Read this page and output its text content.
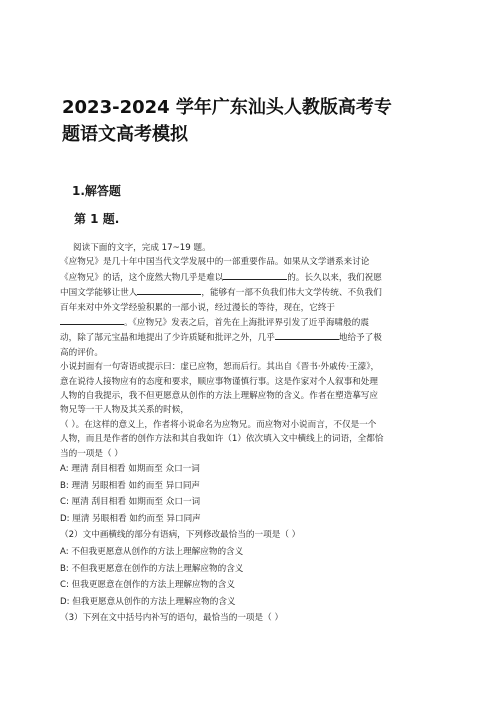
2023-2024 学年广东汕头人教版高考专
题语文高考模拟
1.解答题
第 1 题.

阅读下面的文字，完成 17~19 题。

《应物兄》是几十年中国当代文学发展中的一部重要作品。如果从文学谱系来讨论

《应物兄》的话，这个庞然大物几乎是难以	的。长久以来，我们祝愿

中国文学能够让世人	，能够有一部不负我们伟大文学传统、不负我们

百年来对中外文学经验积累的一部小说，经过漫长的等待，现在，它终于

。《应物兄》发表之后，首先在上海批评界引发了近乎海啸般的震

动，除了郜元宝晶和地提出了少许质疑和批评之外，几乎	地给予了极

高的评价。

小说封面有一句寄语或提示曰：虚已应物，恕而后行。其出自《晋书·外戚传·王濛》，

意在说待人接物应有的态度和要求，顺应事物谨慎行事。这是作家对个人叙事和处理

人物的自我提示，我不但更愿意从创作的方法上理解应物的含义。作者在塑造摹写应

物兄等一干人物及其关系的时候，

（ ）。在这样的意义上，作者将小说命名为应物兄。而应物对小说而言，不仅是一个

人物，而且是作者的创作方法和其自我如许（1）依次填入文中横线上的词语，全都恰

当的一项是（ ）

A: 理清 刮目相看 如期而至 众口一词

B: 理清 另眼相看 如约而至 异口同声

C: 厘清 刮目相看 如期而至 众口一词

D: 厘清 另眼相看 如约而至 异口同声

（2）文中画横线的部分有语病，下列修改最恰当的一项是（ ）

A: 不但我更愿意从创作的方法上理解应物的含义

B: 不但我更愿意在创作的方法上理解应物的含义

C: 但我更愿意在创作的方法上理解应物的含义

D: 但我更愿意从创作的方法上理解应物的含义

（3）下列在文中括号内补写的语句，最恰当的一项是（ ）
